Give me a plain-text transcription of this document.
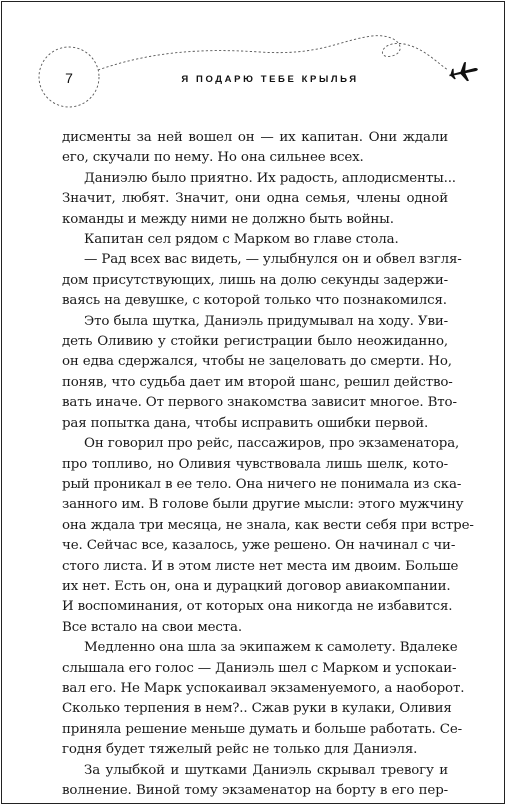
7	Я ПОДАРЮ ТЕБЕ КРЫЛЬЯ

дисменты за ней вошел он — их капитан. Они ждали
его, скучали по нему. Но она сильнее всех.

Даниэлю было приятно. Их радость, аплодисменты...
Значит, любят. Значит, они одна семья, члены одной
команды и между ними не должно быть войны.

Капитан сел рядом с Марком во главе стола.

— Рад всех вас видеть, — улыбнулся он и обвел взгля-
дом присутствующих, лишь на долю секунды задержи-
ваясь на девушке, с которой только что познакомился.

Это была шутка, Даниэль придумывал на ходу. Уви-
деть Оливию у стойки регистрации было неожиданно,
он едва сдержался, чтобы не зацеловать до смерти. Но,
поняв, что судьба дает им второй шанс, решил действо-
вать иначе. От первого знакомства зависит многое. Вто-
рая попытка дана, чтобы исправить ошибки первой.

Он говорил про рейс, пассажиров, про экзаменатора,
про топливо, но Оливия чувствовала лишь шелк, кото-
рый проникал в ее тело. Она ничего не понимала из ска-
занного им. В голове были другие мысли: этого мужчину
она ждала три месяца, не знала, как вести себя при встре-
че. Сейчас все, казалось, уже решено. Он начинал с чи-
стого листа. И в этом листе нет места им двоим. Больше
их нет. Есть он, она и дурацкий договор авиакомпании.
И воспоминания, от которых она никогда не избавится.
Все встало на свои места.

Медленно она шла за экипажем к самолету. Вдалеке
слышала его голос — Даниэль шел с Марком и успокаи-
вал его. Не Марк успокаивал экзаменуемого, а наоборот.
Сколько терпения в нем?.. Сжав руки в кулаки, Оливия
приняла решение меньше думать и больше работать. Се-
годня будет тяжелый рейс не только для Даниэля.

За улыбкой и шутками Даниэль скрывал тревогу и
волнение. Виной тому экзаменатор на борту в его пер-
